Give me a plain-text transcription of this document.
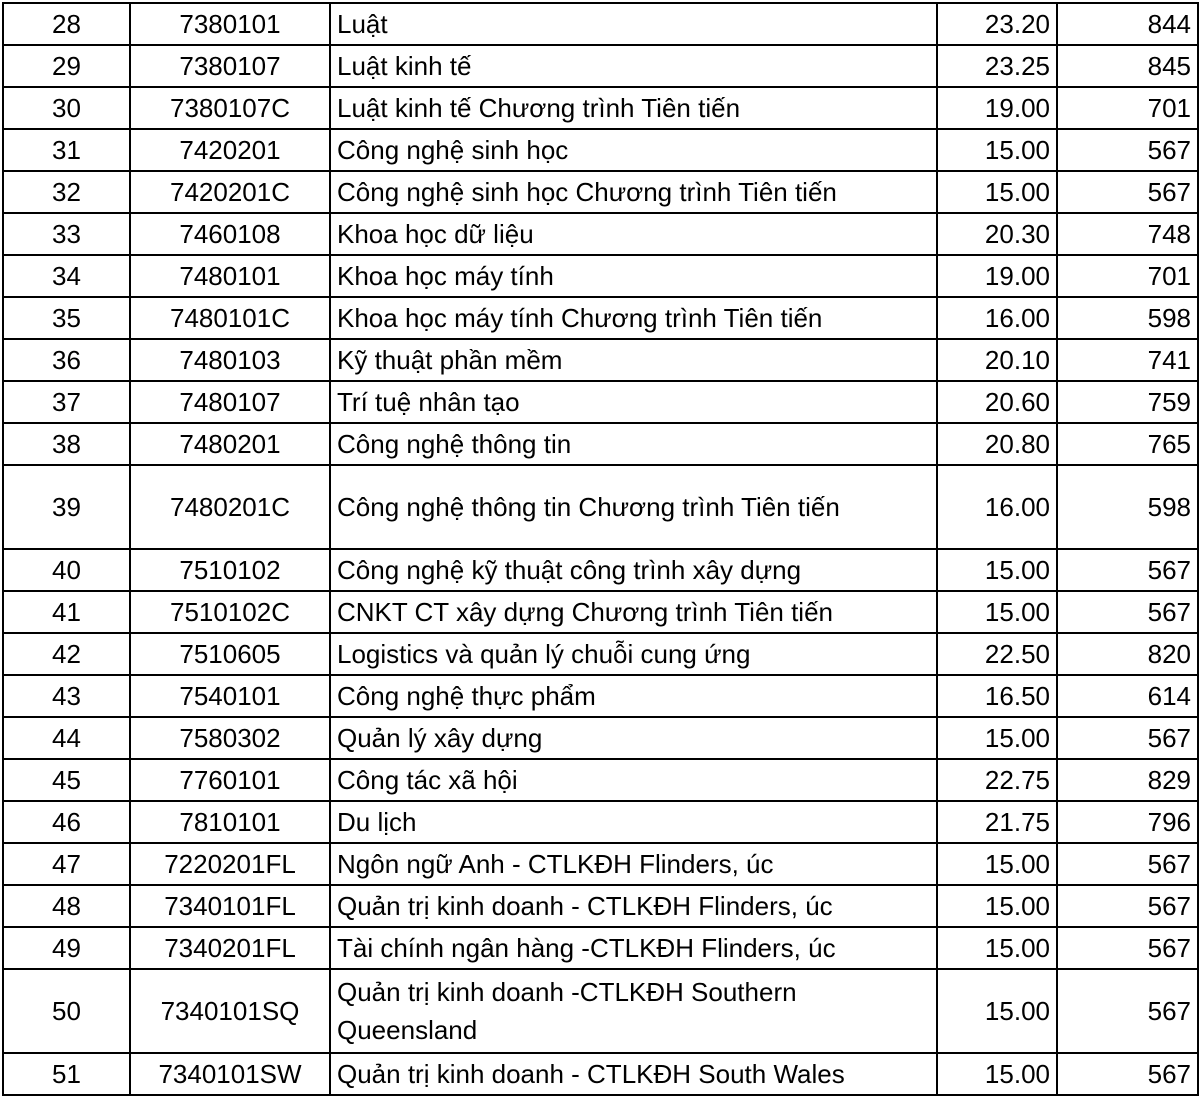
28	7380101	Luật	23.20	844
29	7380107	Luật kinh tế	23.25	845
30	7380107C	Luật kinh tế Chương trình Tiên tiến	19.00	701
31	7420201	Công nghệ sinh học	15.00	567
32	7420201C	Công nghệ sinh học Chương trình Tiên tiến	15.00	567
33	7460108	Khoa học dữ liệu	20.30	748
34	7480101	Khoa học máy tính	19.00	701
35	7480101C	Khoa học máy tính Chương trình Tiên tiến	16.00	598
36	7480103	Kỹ thuật phần mềm	20.10	741
37	7480107	Trí tuệ nhân tạo	20.60	759
38	7480201	Công nghệ thông tin	20.80	765
39	7480201C	Công nghệ thông tin Chương trình Tiên tiến	16.00	598
40	7510102	Công nghệ kỹ thuật công trình xây dựng	15.00	567
41	7510102C	CNKT CT xây dựng Chương trình Tiên tiến	15.00	567
42	7510605	Logistics và quản lý chuỗi cung ứng	22.50	820
43	7540101	Công nghệ thực phẩm	16.50	614
44	7580302	Quản lý xây dựng	15.00	567
45	7760101	Công tác xã hội	22.75	829
46	7810101	Du lịch	21.75	796
47	7220201FL	Ngôn ngữ Anh - CTLKĐH Flinders, úc	15.00	567
48	7340101FL	Quản trị kinh doanh - CTLKĐH Flinders, úc	15.00	567
49	7340201FL	Tài chính ngân hàng -CTLKĐH Flinders, úc	15.00	567
50	7340101SQ	Quản trị kinh doanh -CTLKĐH Southern Queensland	15.00	567
51	7340101SW	Quản trị kinh doanh - CTLKĐH South Wales	15.00	567
